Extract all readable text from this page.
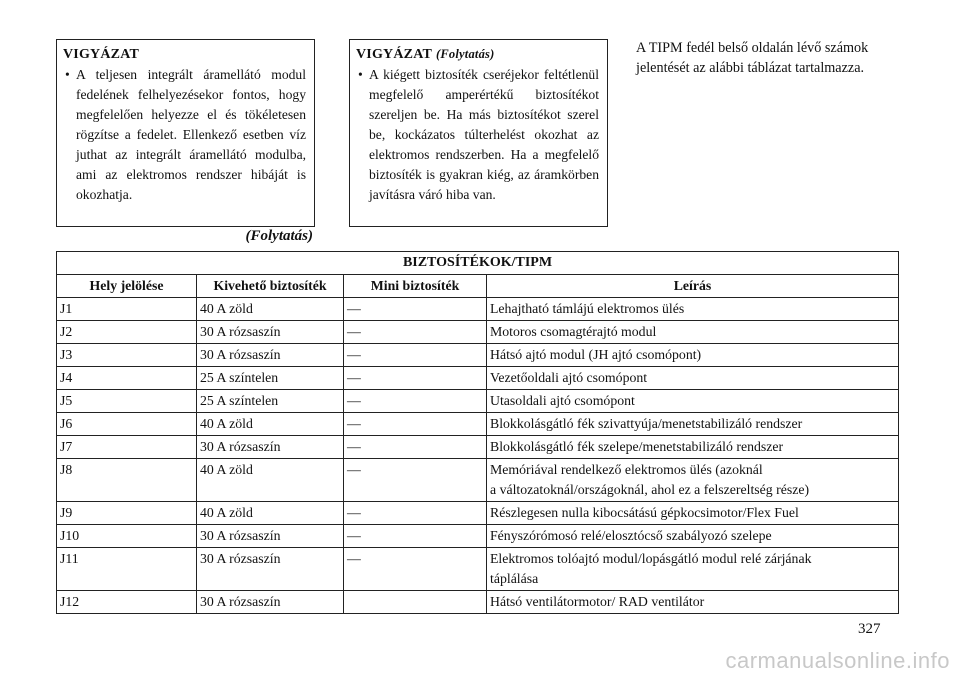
VIGYÁZAT

• A teljesen integrált áramellátó modul fedelének felhelyezésekor fontos, hogy megfelelően helyezze el és tökéletesen rögzítse a fedelet. Ellenkező esetben víz juthat az integrált áramellátó modulba, ami az elektromos rendszer hibáját is okozhatja.

(Folytatás)
VIGYÁZAT (Folytatás)

• A kiégett biztosíték cseréjekor feltétlenül megfelelő amperértékű biztosítékot szereljen be. Ha más biztosítékot szerel be, kockázatos túlterhelést okozhat az elektromos rendszerben. Ha a megfelelő biztosíték is gyakran kiég, az áramkörben javításra váró hiba van.

A TIPM fedél belső oldalán lévő számok jelentését az alábbi táblázat tartalmazza.
BIZTOSÍTÉKOK/TIPM			
Hely jelölése	Kivehető biztosíték	Mini biztosíték	Leírás
J1	40 A zöld	—	Lehajtható támlájú elektromos ülés
J2	30 A rózsaszín	—	Motoros csomagtérajtó modul
J3	30 A rózsaszín	—	Hátsó ajtó modul (JH ajtó csomópont)
J4	25 A színtelen	—	Vezetőoldali ajtó csomópont
J5	25 A színtelen	—	Utasoldali ajtó csomópont
J6	40 A zöld	—	Blokkolásgátló fék szivattyúja/menetstabilizáló rendszer
J7	30 A rózsaszín	—	Blokkolásgátló fék szelepe/menetstabilizáló rendszer
J8	40 A zöld	—	Memóriával rendelkező elektromos ülés (azoknál
a változatoknál/országoknál, ahol ez a felszereltség része)

J9	40 A zöld	—	Részlegesen nulla kibocsátású gépkocsimotor/Flex Fuel
J10	30 A rózsaszín	—	Fényszórómosó relé/elosztócső szabályozó szelepe
J11	30 A rózsaszín	—	Elektromos tolóajtó modul/lopásgátló modul relé zárjának
táplálása

J12	30 A rózsaszín		Hátsó ventilátormotor/ RAD ventilátor
327
carmanualsonline.info
